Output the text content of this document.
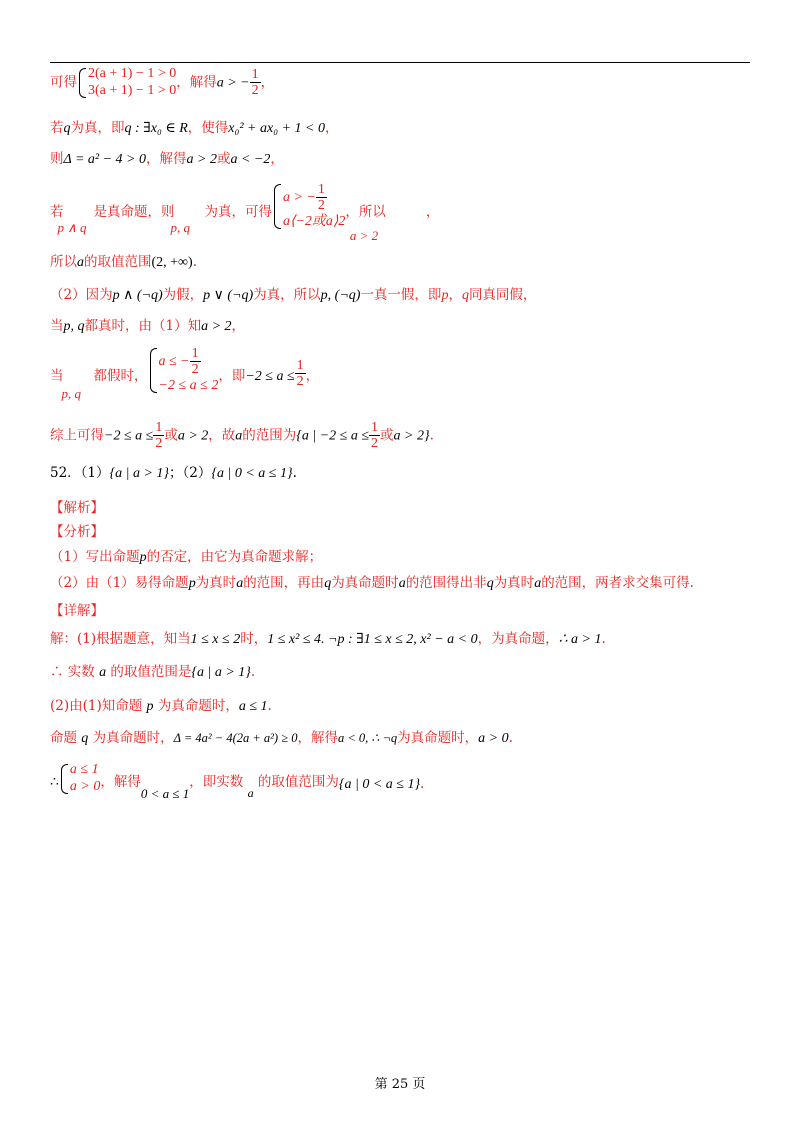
可得
2(a + 1) − 1 > 0
3(a + 1) − 1 > 0 ，解得a > − $\frac{1}{2}$ ，
若q为真，即q : ∃x₀ ∈ R，使得x₀² + ax₀ + 1 < 0，
则Δ = a² − 4 > 0，解得a > 2或a < −2，
若
p ∧ q
是真命题，则
p, q
为真，可得
a > − $\frac{1}{2}$
a⟨−2或a⟩2
，所以
a > 2
，
所以a的取值范围(2, +∞).
（2）因为p ∧ (¬q)为假，p ∨ (¬q)为真，所以p, (¬q)一真一假，即p，q同真同假，
当p, q都真时，由（1）知a > 2，
当
p, q
都假时，
a ≤ − $\frac{1}{2}$
−2 ≤ a ≤ 2
，即$-2 \le a \le \frac{1}{2}$ ，
综上可得$-2 \le a \le \frac{1}{2}$ 或a > 2，故a的范围为{a | $-2 \le a \le \frac{1}{2}$ 或a > 2}.
52．（1）{a | a > 1}；（2）{a | 0 < a ≤ 1}.
【解析】
【分析】
（1）写出命题p的否定，由它为真命题求解；
（2）由（1）易得命题p为真时a的范围，再由q为真命题时a的范围得出非q为真时a的范围，两者求交集可得.
【详解】
解：(1)根据题意，知当1 ≤ x ≤ 2时，1 ≤ x² ≤ 4. ¬p : ∃1 ≤ x ≤ 2, x² − a < 0，为真命题，∴ a > 1.
∴ 实数 a 的取值范围是{a | a > 1}.
(2)由(1)知命题 p 为真命题时，a ≤ 1.
命题 q 为真命题时，Δ = 4a² − 4(2a + a²) ≥ 0，解得a < 0, ∴ ¬q为真命题时，a > 0.
∴
a ≤ 1
a > 0 ，解得0 < a ≤ 1，即实数 a 的取值范围为{a | 0 < a ≤ 1}.
第 25 页
